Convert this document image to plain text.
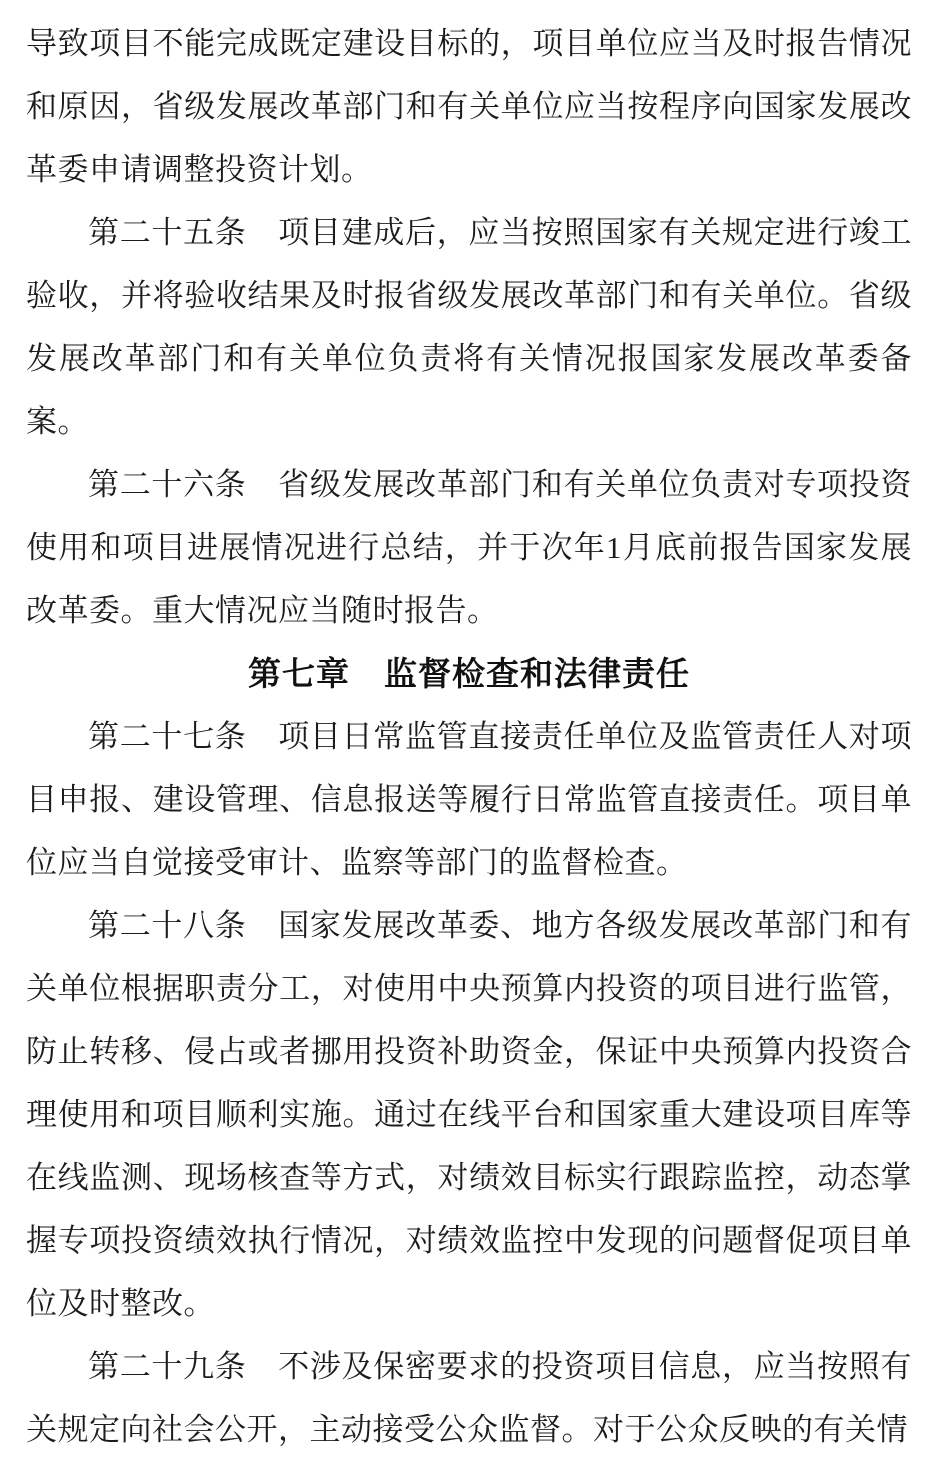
导致项目不能完成既定建设目标的，项目单位应当及时报告情况和原因，省级发展改革部门和有关单位应当按程序向国家发展改革委申请调整投资计划。

第二十五条　项目建成后，应当按照国家有关规定进行竣工验收，并将验收结果及时报省级发展改革部门和有关单位。省级发展改革部门和有关单位负责将有关情况报国家发展改革委备案。

第二十六条　省级发展改革部门和有关单位负责对专项投资使用和项目进展情况进行总结，并于次年1月底前报告国家发展改革委。重大情况应当随时报告。

第七章　监督检查和法律责任

第二十七条　项目日常监管直接责任单位及监管责任人对项目申报、建设管理、信息报送等履行日常监管直接责任。项目单位应当自觉接受审计、监察等部门的监督检查。

第二十八条　国家发展改革委、地方各级发展改革部门和有关单位根据职责分工，对使用中央预算内投资的项目进行监管，防止转移、侵占或者挪用投资补助资金，保证中央预算内投资合理使用和项目顺利实施。通过在线平台和国家重大建设项目库等在线监测、现场核查等方式，对绩效目标实行跟踪监控，动态掌握专项投资绩效执行情况，对绩效监控中发现的问题督促项目单位及时整改。

第二十九条　不涉及保密要求的投资项目信息，应当按照有关规定向社会公开，主动接受公众监督。对于公众反映的有关情
